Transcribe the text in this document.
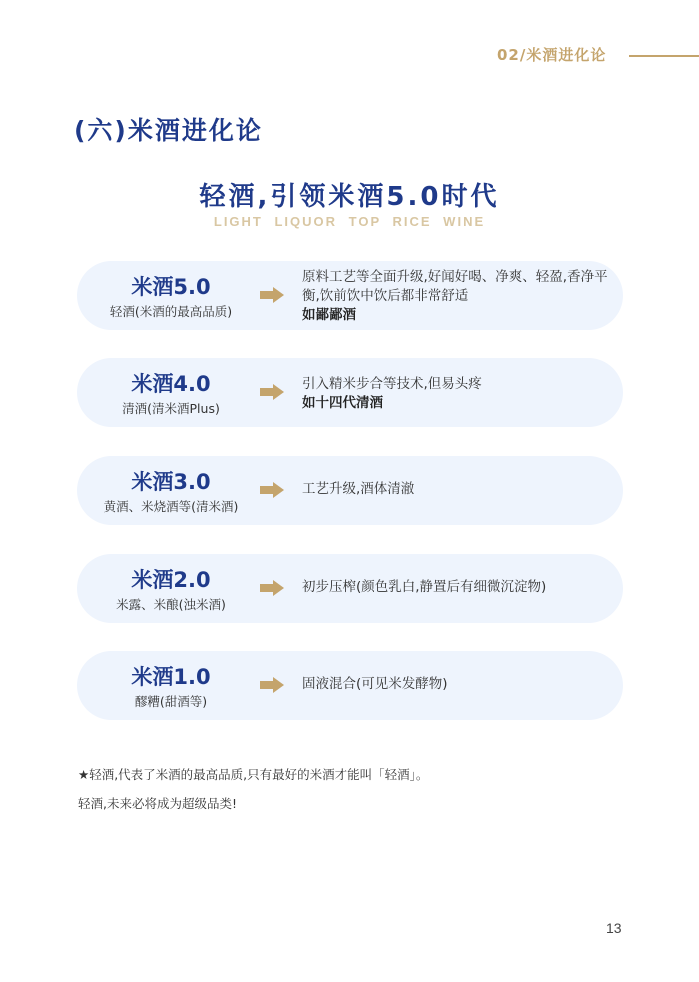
02/米酒进化论
(六)米酒进化论
轻酒,引领米酒5.0时代
LIGHT LIQUOR TOP RICE WINE
米酒5.0
轻酒(米酒的最高品质)
原料工艺等全面升级,好闻好喝、净爽、轻盈,香净平衡,饮前饮中饮后都非常舒适
如鄙鄙酒
米酒4.0
清酒(清米酒Plus)
引入精米步合等技术,但易头疼
如十四代清酒
米酒3.0
黄酒、米烧酒等(清米酒)
工艺升级,酒体清澈
米酒2.0
米露、米酿(浊米酒)
初步压榨(颜色乳白,静置后有细微沉淀物)
米酒1.0
醪糟(甜酒等)
固液混合(可见米发酵物)

★轻酒,代表了米酒的最高品质,只有最好的米酒才能叫「轻酒」。

轻酒,未来必将成为超级品类!

13
